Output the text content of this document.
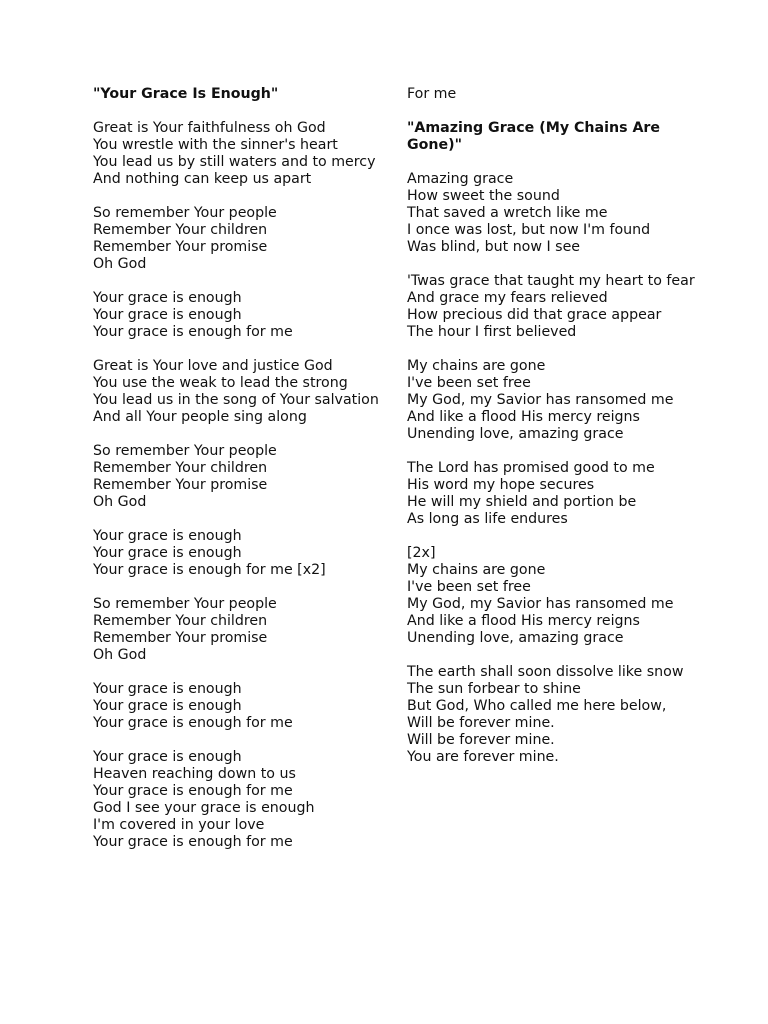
"Your Grace Is Enough"

Great is Your faithfulness oh God
You wrestle with the sinner's heart
You lead us by still waters and to mercy
And nothing can keep us apart
So remember Your people
Remember Your children
Remember Your promise
Oh God
Your grace is enough
Your grace is enough
Your grace is enough for me
Great is Your love and justice God
You use the weak to lead the strong
You lead us in the song of Your salvation
And all Your people sing along
So remember Your people
Remember Your children
Remember Your promise
Oh God
Your grace is enough
Your grace is enough
Your grace is enough for me [x2]
So remember Your people
Remember Your children
Remember Your promise
Oh God
Your grace is enough
Your grace is enough
Your grace is enough for me
Your grace is enough
Heaven reaching down to us
Your grace is enough for me
God I see your grace is enough
I'm covered in your love
Your grace is enough for me
For me

"Amazing Grace (My Chains Are Gone)"

Amazing grace
How sweet the sound
That saved a wretch like me
I once was lost, but now I'm found
Was blind, but now I see
'Twas grace that taught my heart to fear
And grace my fears relieved
How precious did that grace appear
The hour I first believed
My chains are gone
I've been set free
My God, my Savior has ransomed me
And like a flood His mercy reigns
Unending love, amazing grace
The Lord has promised good to me
His word my hope secures
He will my shield and portion be
As long as life endures
[2x]
My chains are gone
I've been set free
My God, my Savior has ransomed me
And like a flood His mercy reigns
Unending love, amazing grace
The earth shall soon dissolve like snow
The sun forbear to shine
But God, Who called me here below,
Will be forever mine.
Will be forever mine.
You are forever mine.
